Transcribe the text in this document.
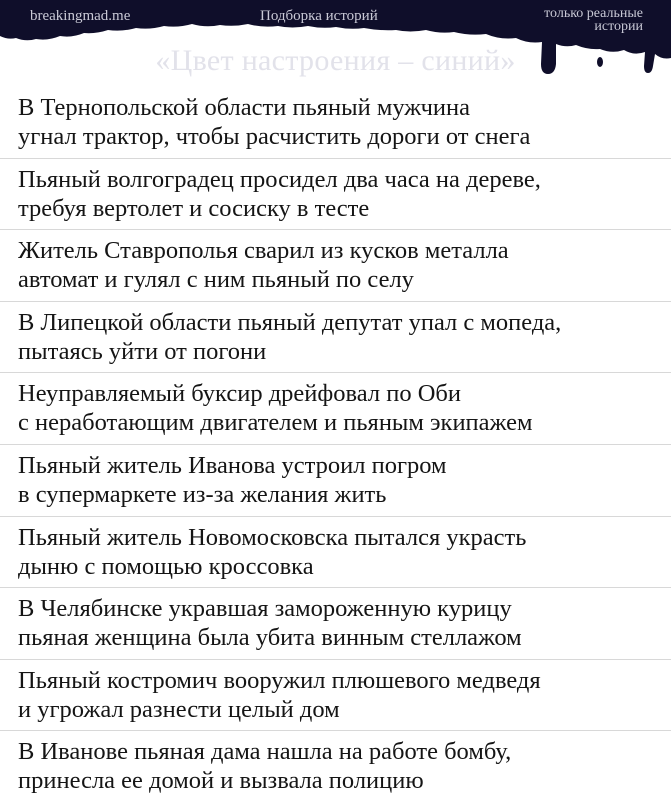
breakingmad.me	Подборка историй	только реальные
истории
«Цвет настроения – синий»
В Тернопольской области пьяный мужчина
угнал трактор, чтобы расчистить дороги от снега
Пьяный волгоградец просидел два часа на дереве,
требуя вертолет и сосиску в тесте
Житель Ставрополья сварил из кусков металла
автомат и гулял с ним пьяный по селу
В Липецкой области пьяный депутат упал с мопеда,
пытаясь уйти от погони
Неуправляемый буксир дрейфовал по Оби
с неработающим двигателем и пьяным экипажем
Пьяный житель Иванова устроил погром
в супермаркете из-за желания жить
Пьяный житель Новомосковска пытался украсть
дыню с помощью кроссовка
В Челябинске укравшая замороженную курицу
пьяная женщина была убита винным стеллажом
Пьяный костромич вооружил плюшевого медведя
и угрожал разнести целый дом
В Иванове пьяная дама нашла на работе бомбу,
принесла ее домой и вызвала полицию
